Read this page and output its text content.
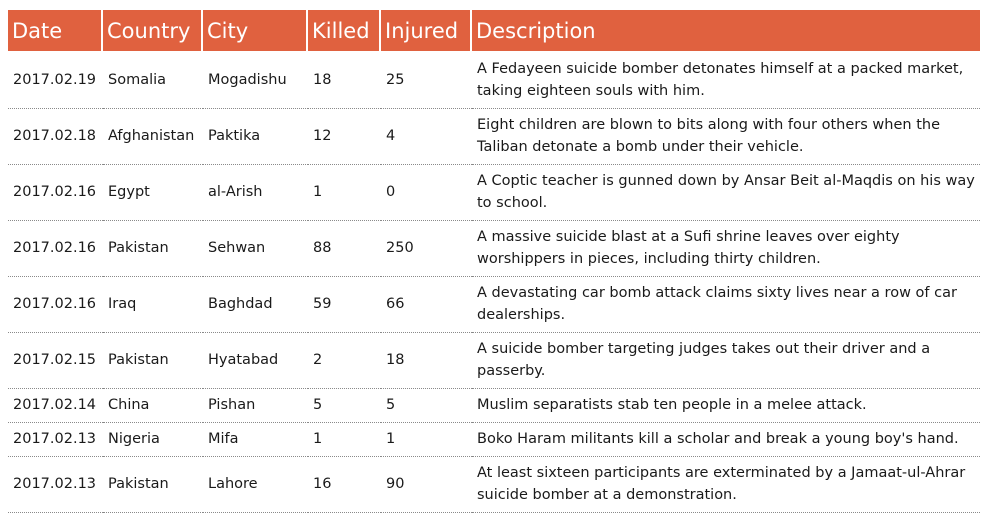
Date	Country	City	Killed	Injured	Description
2017.02.19	Somalia	Mogadishu	18	25	A Fedayeen suicide bomber detonates himself at a packed market, taking eighteen souls with him.
2017.02.18	Afghanistan	Paktika	12	4	Eight children are blown to bits along with four others when the Taliban detonate a bomb under their vehicle.
2017.02.16	Egypt	al-Arish	1	0	A Coptic teacher is gunned down by Ansar Beit al-Maqdis on his way to school.
2017.02.16	Pakistan	Sehwan	88	250	A massive suicide blast at a Sufi shrine leaves over eighty worshippers in pieces, including thirty children.
2017.02.16	Iraq	Baghdad	59	66	A devastating car bomb attack claims sixty lives near a row of car dealerships.
2017.02.15	Pakistan	Hyatabad	2	18	A suicide bomber targeting judges takes out their driver and a passerby.
2017.02.14	China	Pishan	5	5	Muslim separatists stab ten people in a melee attack.
2017.02.13	Nigeria	Mifa	1	1	Boko Haram militants kill a scholar and break a young boy's hand.
2017.02.13	Pakistan	Lahore	16	90	At least sixteen participants are exterminated by a Jamaat-ul-Ahrar suicide bomber at a demonstration.
